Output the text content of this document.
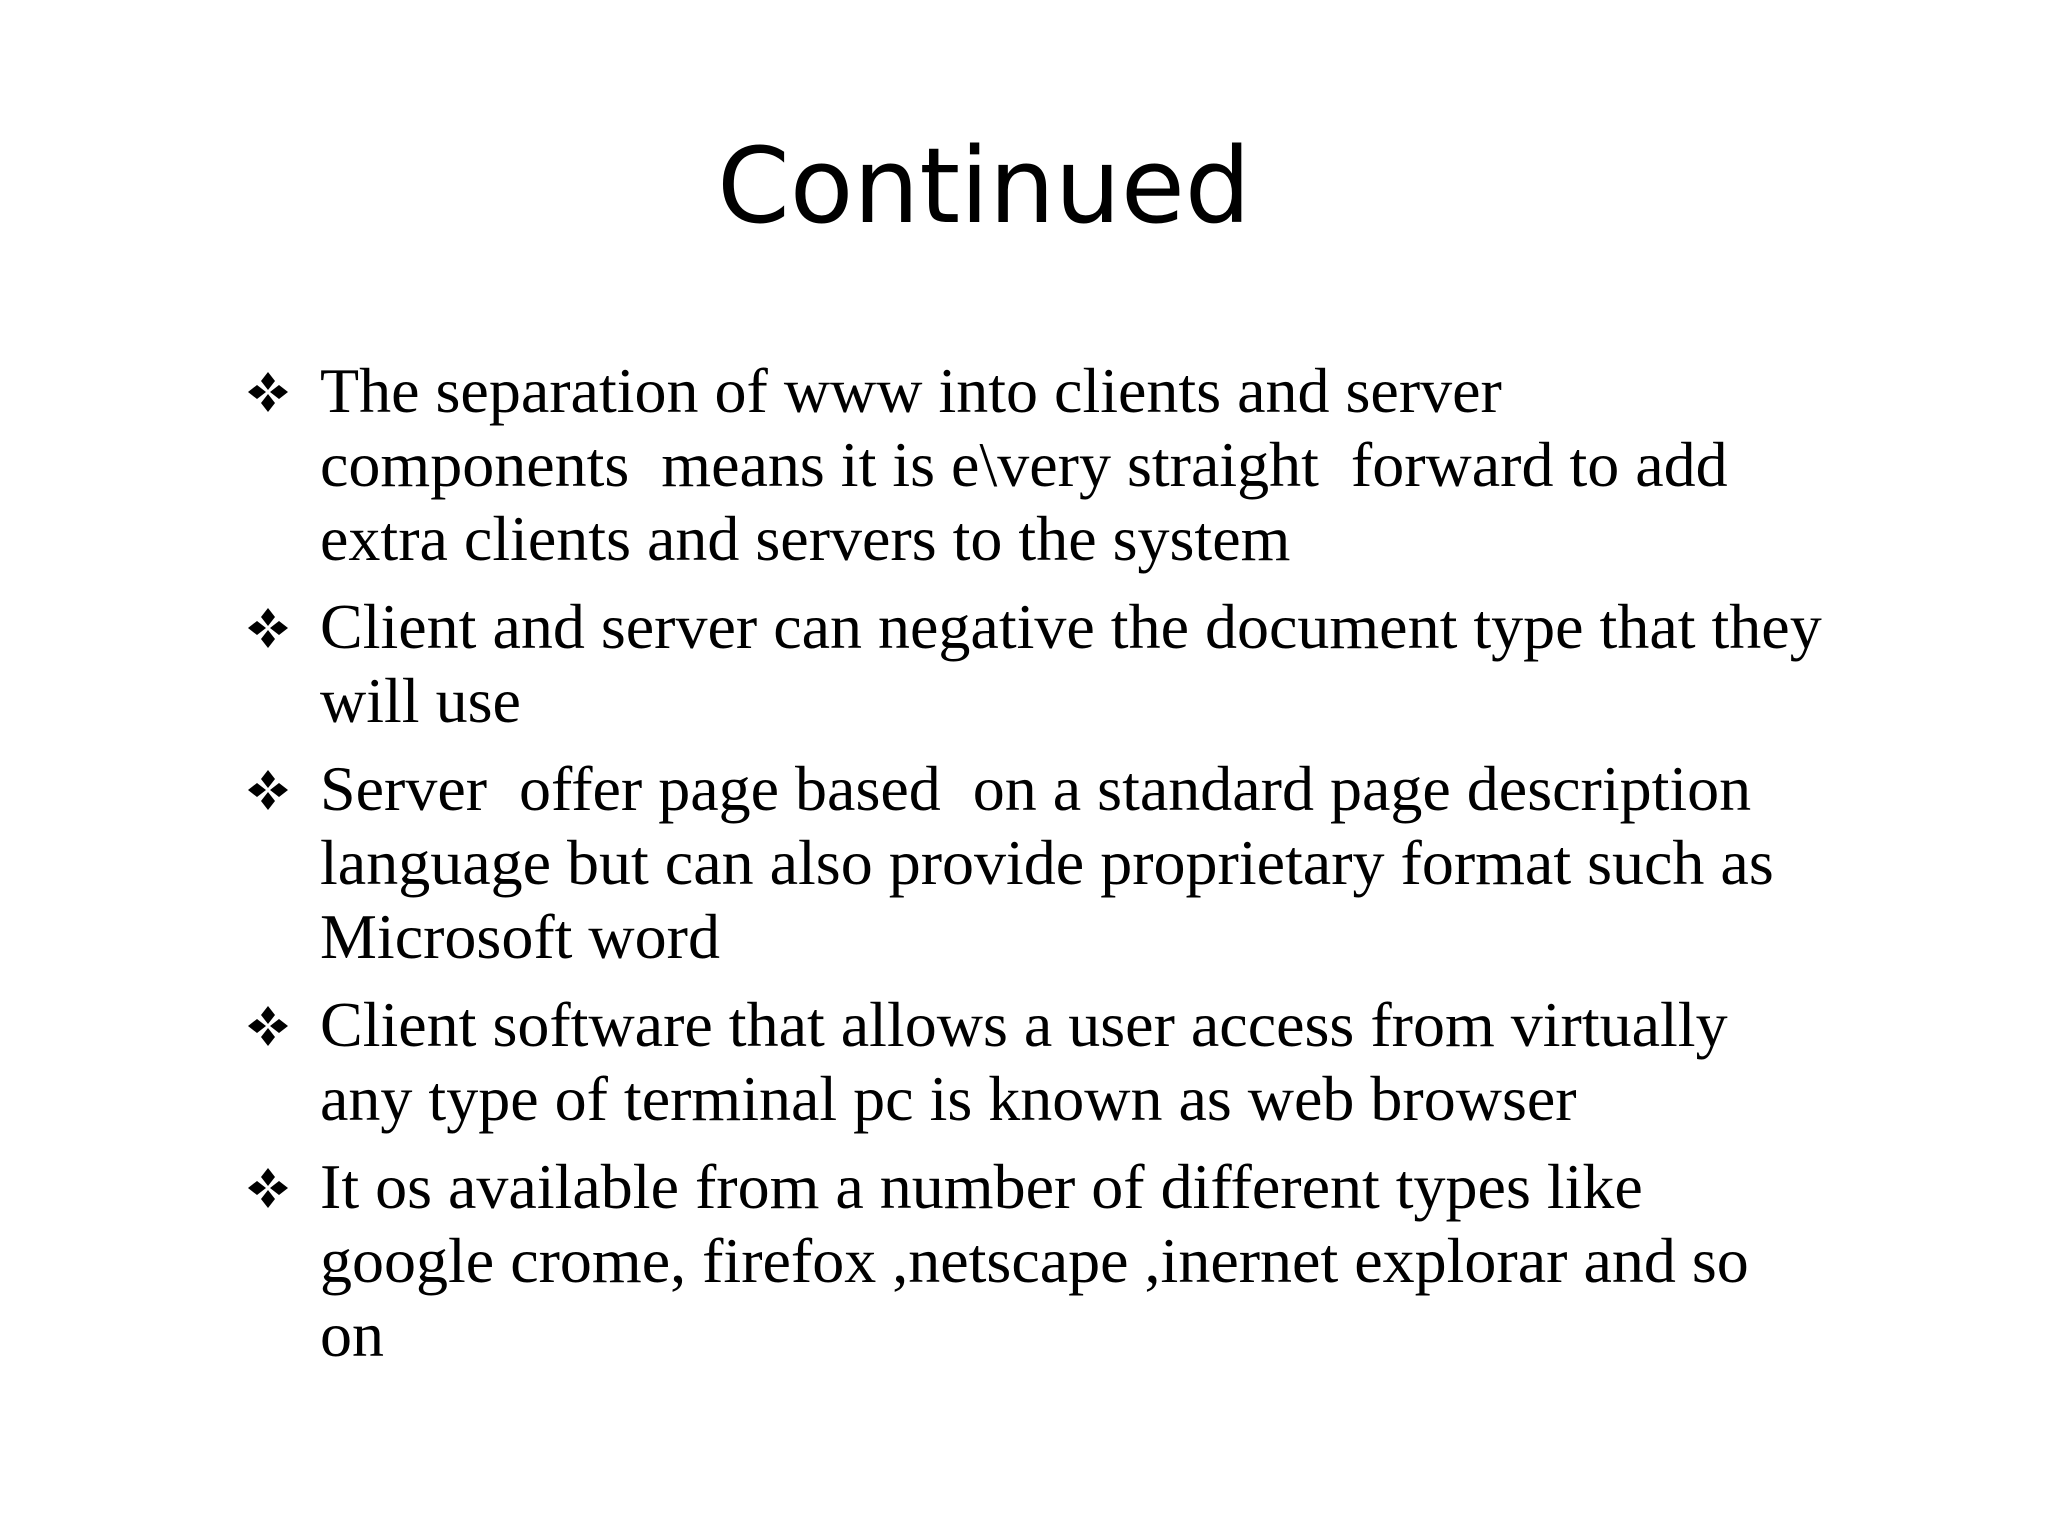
Continued
The separation of www into clients and server components  means it is e\very straight  forward to add extra clients and servers to the system
Client and server can negative the document type that they will use
Server  offer page based  on a standard page description language but can also provide proprietary format such as  Microsoft word
Client software that allows a user access from virtually any type of terminal pc is known as web browser
It os available from a number of different types like google crome, firefox ,netscape ,inernet explorar and so on
